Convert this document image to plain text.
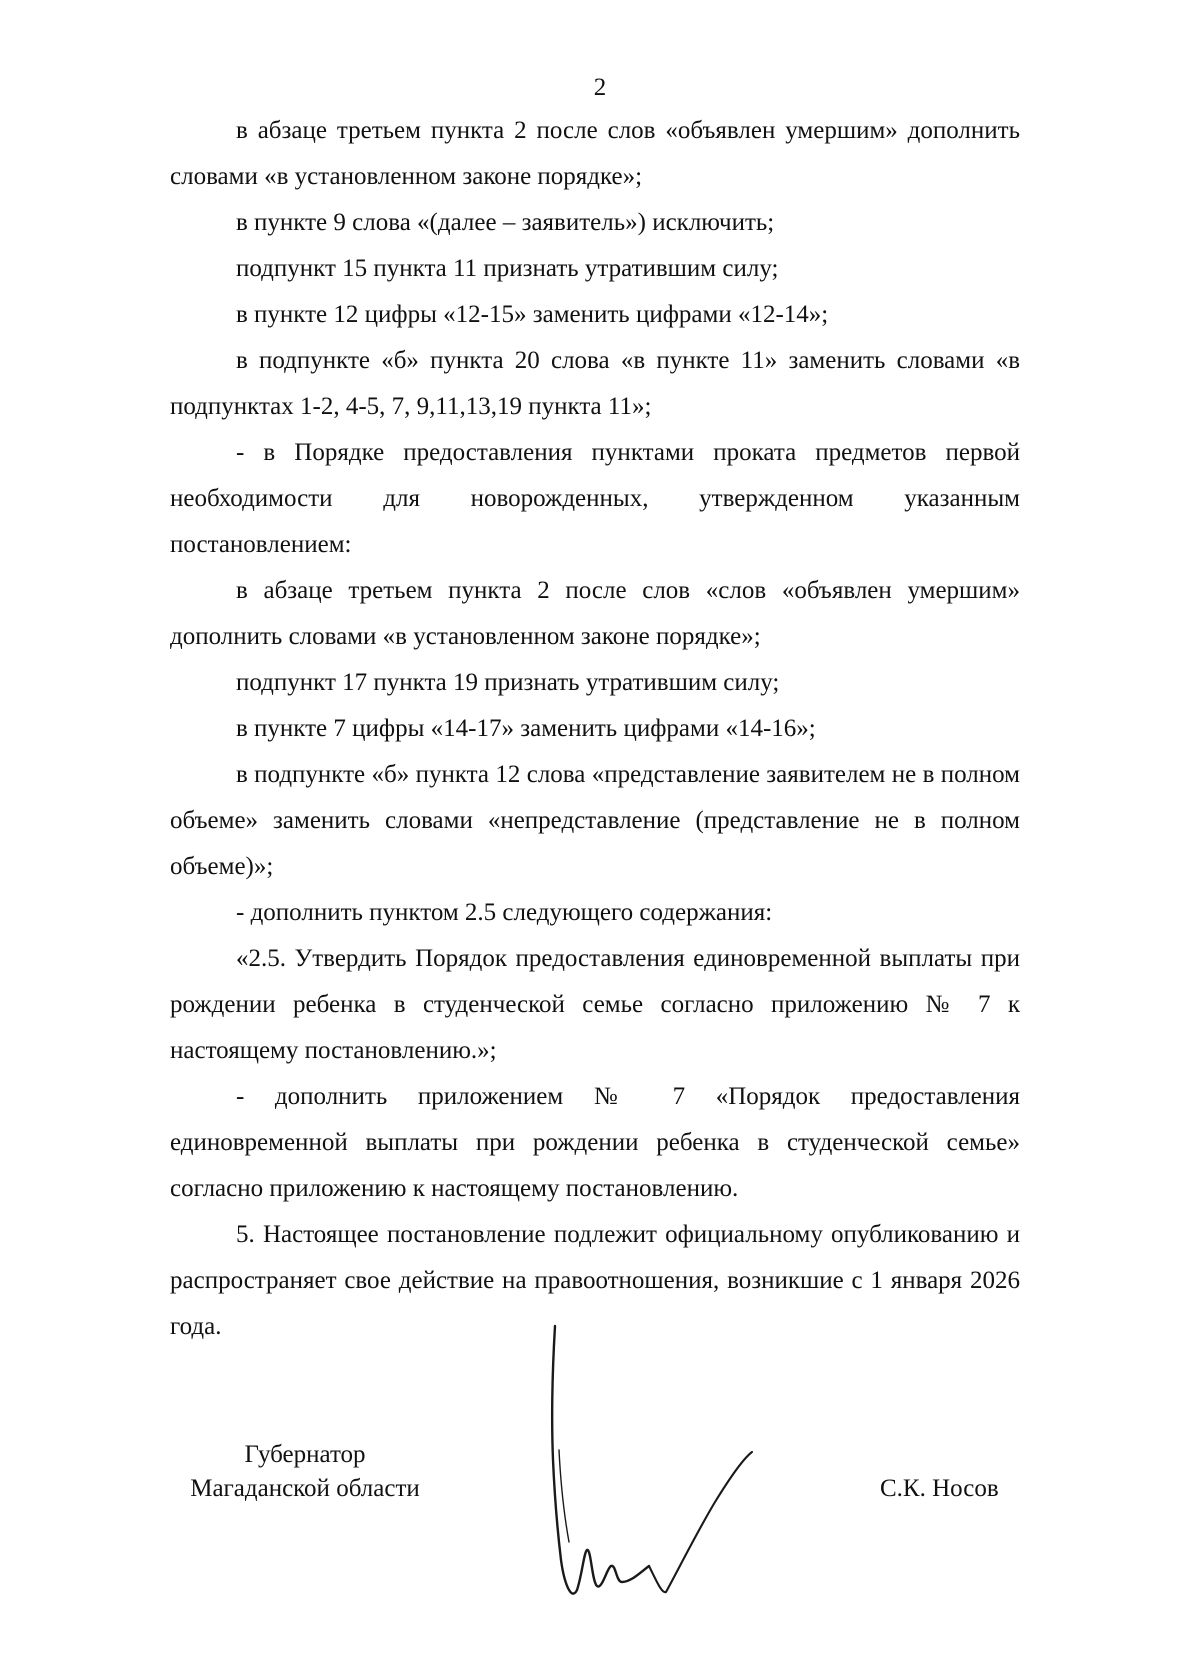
2

в абзаце третьем пункта 2 после слов «объявлен умершим» дополнить словами «в установленном законе порядке»;

в пункте 9 слова «(далее – заявитель») исключить;

подпункт 15 пункта 11 признать утратившим силу;

в пункте 12 цифры «12-15» заменить цифрами «12-14»;

в подпункте «б» пункта 20 слова «в пункте 11» заменить словами «в подпунктах 1-2, 4-5, 7, 9,11,13,19 пункта 11»;

- в Порядке предоставления пунктами проката предметов первой необходимости для новорожденных, утвержденном указанным постановлением:

в абзаце третьем пункта 2 после слов «слов «объявлен умершим» дополнить словами «в установленном законе порядке»;

подпункт 17 пункта 19 признать утратившим силу;

в пункте 7 цифры «14-17» заменить цифрами «14-16»;

в подпункте «б» пункта 12 слова «представление заявителем не в полном объеме» заменить словами «непредставление (представление не в полном объеме)»;

- дополнить пунктом 2.5 следующего содержания:

«2.5. Утвердить Порядок предоставления единовременной выплаты при рождении ребенка в студенческой семье согласно приложению № 7 к настоящему постановлению.»;

- дополнить приложением № 7 «Порядок предоставления единовременной выплаты при рождении ребенка в студенческой семье» согласно приложению к настоящему постановлению.

5. Настоящее постановление подлежит официальному опубликованию и распространяет свое действие на правоотношения, возникшие с 1 января 2026 года.

Губернатор
Магаданской области	С.К. Носов
